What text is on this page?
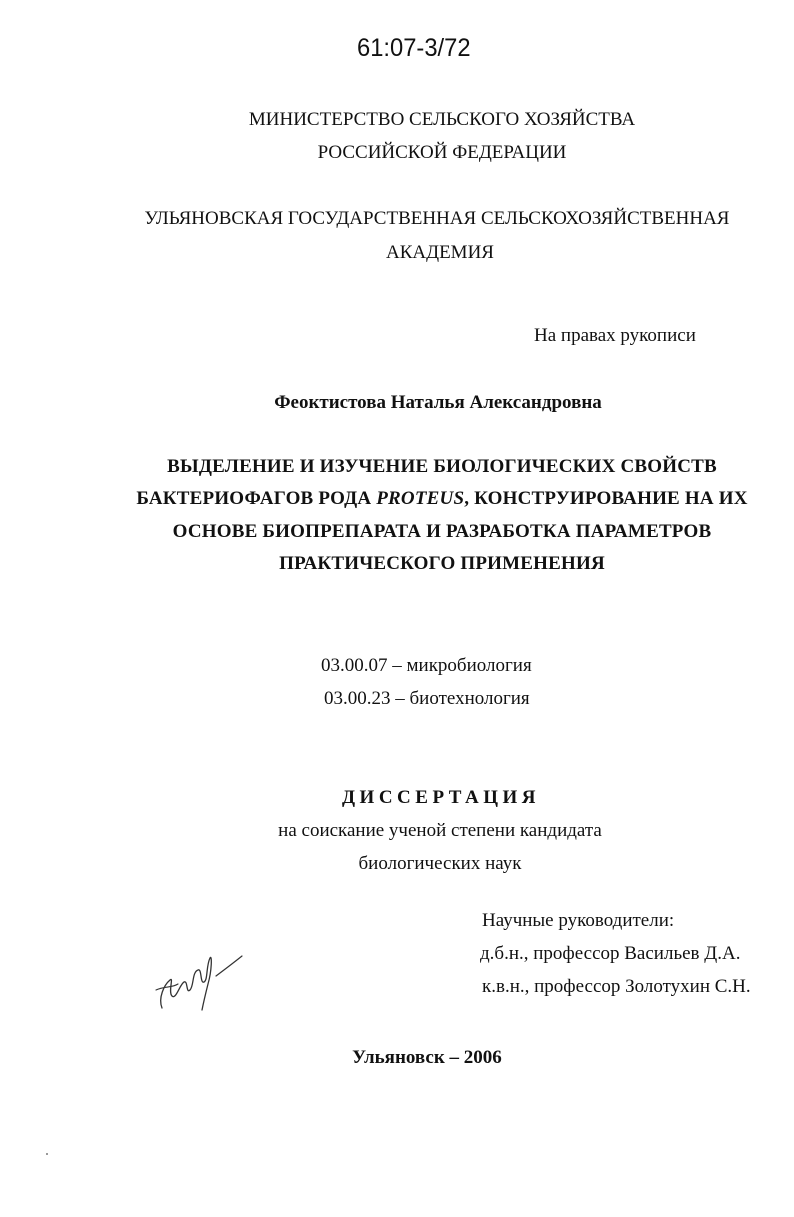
61:07-3/72
МИНИСТЕРСТВО СЕЛЬСКОГО ХОЗЯЙСТВА
РОССИЙСКОЙ ФЕДЕРАЦИИ
УЛЬЯНОВСКАЯ ГОСУДАРСТВЕННАЯ СЕЛЬСКОХОЗЯЙСТВЕННАЯ
АКАДЕМИЯ
На правах рукописи
Феоктистова Наталья Александровна
ВЫДЕЛЕНИЕ И ИЗУЧЕНИЕ БИОЛОГИЧЕСКИХ СВОЙСТВ
БАКТЕРИОФАГОВ РОДА PROTEUS, КОНСТРУИРОВАНИЕ НА ИХ
ОСНОВЕ БИОПРЕПАРАТА И РАЗРАБОТКА ПАРАМЕТРОВ
ПРАКТИЧЕСКОГО ПРИМЕНЕНИЯ
03.00.07 – микробиология
03.00.23 – биотехнология
ДИССЕРТАЦИЯ
на соискание ученой степени кандидата
биологических наук
Научные руководители:
д.б.н., профессор Васильев Д.А.
к.в.н., профессор Золотухин С.Н.
Ульяновск – 2006
